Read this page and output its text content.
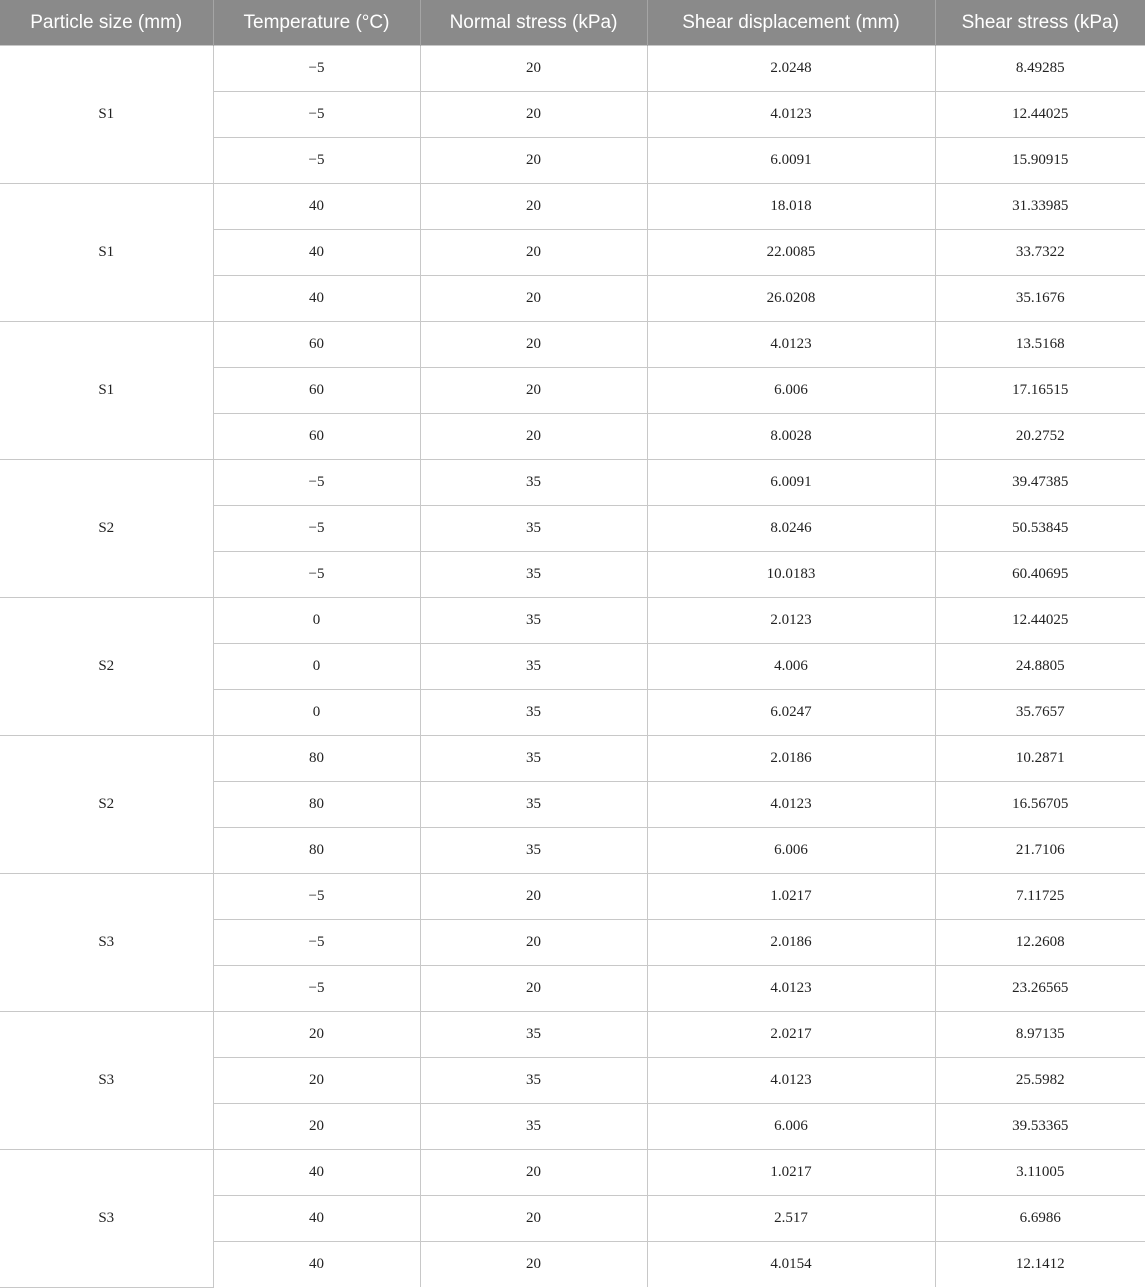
Particle size (mm)	Temperature (°C)	Normal stress (kPa)	Shear displacement (mm)	Shear stress (kPa)
S1	−5	20	2.0248	8.49285
	−5	20	4.0123	12.44025
	−5	20	6.0091	15.90915
S1	40	20	18.018	31.33985
	40	20	22.0085	33.7322
	40	20	26.0208	35.1676
S1	60	20	4.0123	13.5168
	60	20	6.006	17.16515
	60	20	8.0028	20.2752
S2	−5	35	6.0091	39.47385
	−5	35	8.0246	50.53845
	−5	35	10.0183	60.40695
S2	0	35	2.0123	12.44025
	0	35	4.006	24.8805
	0	35	6.0247	35.7657
S2	80	35	2.0186	10.2871
	80	35	4.0123	16.56705
	80	35	6.006	21.7106
S3	−5	20	1.0217	7.11725
	−5	20	2.0186	12.2608
	−5	20	4.0123	23.26565
S3	20	35	2.0217	8.97135
	20	35	4.0123	25.5982
	20	35	6.006	39.53365
S3	40	20	1.0217	3.11005
	40	20	2.517	6.6986
	40	20	4.0154	12.1412
